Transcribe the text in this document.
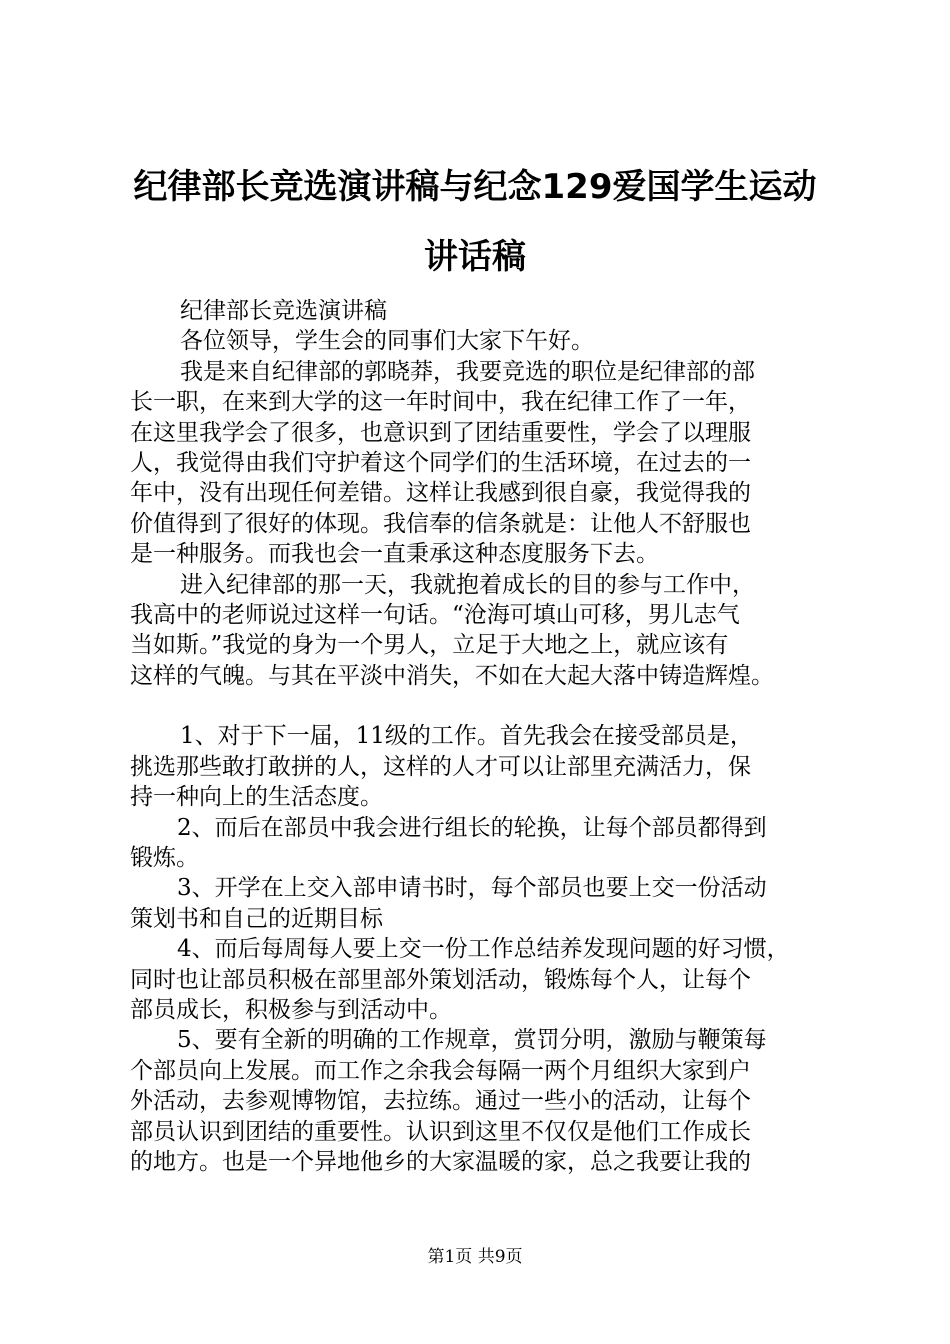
纪律部长竞选演讲稿与纪念129爱国学生运动
讲话稿
纪律部长竞选演讲稿
各位领导，学生会的同事们大家下午好。
我是来自纪律部的郭晓莽，我要竞选的职位是纪律部的部
长一职，在来到大学的这一年时间中，我在纪律工作了一年，
在这里我学会了很多，也意识到了团结重要性，学会了以理服
人，我觉得由我们守护着这个同学们的生活环境，在过去的一
年中，没有出现任何差错。这样让我感到很自豪，我觉得我的
价值得到了很好的体现。我信奉的信条就是：让他人不舒服也
是一种服务。而我也会一直秉承这种态度服务下去。
进入纪律部的那一天，我就抱着成长的目的参与工作中，
我高中的老师说过这样一句话。“沧海可填山可移，男儿志气
当如斯。”我觉的身为一个男人，立足于大地之上，就应该有
这样的气魄。与其在平淡中消失，不如在大起大落中铸造辉煌。
1、对于下一届，11级的工作。首先我会在接受部员是，
挑选那些敢打敢拼的人，这样的人才可以让部里充满活力，保
持一种向上的生活态度。
2、而后在部员中我会进行组长的轮换，让每个部员都得到
锻炼。
3、开学在上交入部申请书时，每个部员也要上交一份活动
策划书和自己的近期目标
4、而后每周每人要上交一份工作总结养发现问题的好习惯，
同时也让部员积极在部里部外策划活动，锻炼每个人，让每个
部员成长，积极参与到活动中。
5、要有全新的明确的工作规章，赏罚分明，激励与鞭策每
个部员向上发展。而工作之余我会每隔一两个月组织大家到户
外活动，去参观博物馆，去拉练。通过一些小的活动，让每个
部员认识到团结的重要性。认识到这里不仅仅是他们工作成长
的地方。也是一个异地他乡的大家温暖的家，总之我要让我的
第1页 共9页
